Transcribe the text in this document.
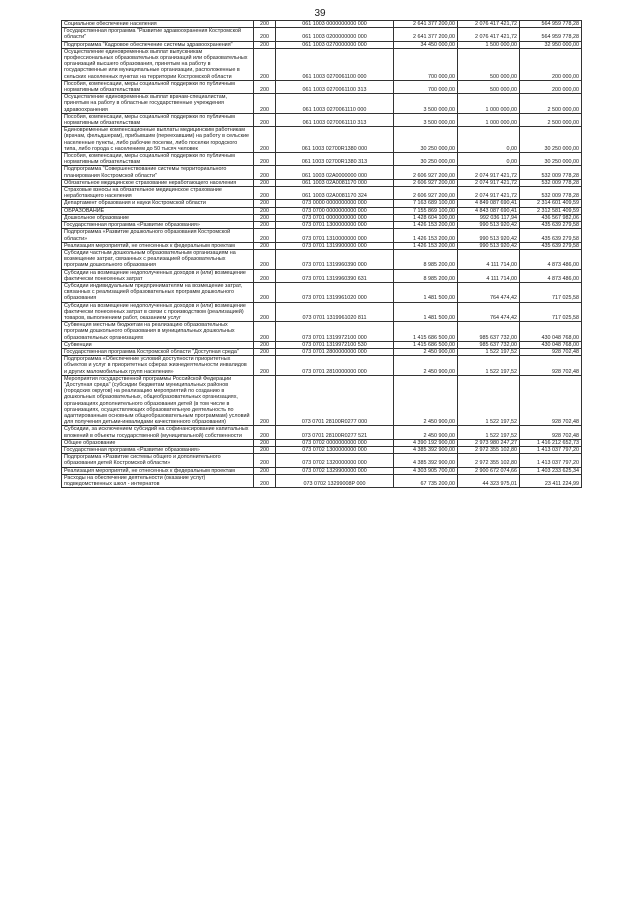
39
Социальное обеспечение населения	200	061 1003 0000000000 000	2 641 377 200,00	2 076 417 421,72	564 959 778,28
Государственная программа "Развитие здравоохранения Костромской области"	200	061 1003 0200000000 000	2 641 377 200,00	2 076 417 421,72	564 959 778,28
Подпрограмма "Кадровое обеспечение системы здравоохранения"	200	061 1003 0270000000 000	34 450 000,00	1 500 000,00	32 950 000,00
Осуществление единовременных выплат выпускникам профессиональных образовательных организаций или образовательных организаций высшего образования, принятым на работу в государственные или муниципальные организации, расположенные в сельских населенных пунктах на территории Костромской области	200	061 1003 0270061100 000	700 000,00	500 000,00	200 000,00
Пособия, компенсации, меры социальной поддержки по публичным нормативным обязательствам	200	061 1003 0270061100 313	700 000,00	500 000,00	200 000,00
Осуществление единовременных выплат врачам-специалистам, принятым на работу в областные государственные учреждения здравоохранения	200	061 1003 0270061110 000	3 500 000,00	1 000 000,00	2 500 000,00
Пособия, компенсации, меры социальной поддержки по публичным нормативным обязательствам	200	061 1003 0270061110 313	3 500 000,00	1 000 000,00	2 500 000,00
Единовременные компенсационные выплаты медицинским работникам (врачам, фельдшерам), прибывшим (переехавшим) на работу в сельские населенные пункты, либо рабочие поселки, либо поселки городского типа, либо города с населением до 50 тысяч человек	200	061 1003 02700R1380 000	30 250 000,00	0,00	30 250 000,00
Пособия, компенсации, меры социальной поддержки по публичным нормативным обязательствам	200	061 1003 02700R1380 313	30 250 000,00	0,00	30 250 000,00
Подпрограмма "Совершенствование системы территориального планирования Костромской области"	200	061 1003 02А0000000 000	2 606 927 200,00	2 074 917 421,72	532 009 778,28
Обязательное медицинское страхование неработающего населения	200	061 1003 02А0081170 000	2 606 927 200,00	2 074 917 421,72	532 009 778,28
Страховые взносы на обязательное медицинское страхование неработающего населения	200	061 1003 02А0081170 324	2 606 927 200,00	2 074 917 421,72	532 009 778,28
Департамент образования и науки Костромской области	200	073 0000 0000000000 000	7 163 689 100,00	4 849 087 690,41	2 314 601 409,59
ОБРАЗОВАНИЕ	200	073 0700 0000000000 000	7 155 869 100,00	4 843 087 690,41	2 312 581 409,59
Дошкольное образование	200	073 0701 0000000000 000	1 428 604 100,00	992 036 117,94	436 567 982,06
Государственная программа «Развитие образования»	200	073 0701 1300000000 000	1 426 153 200,00	990 513 920,42	435 639 279,58
Подпрограмма «Развитие дошкольного образования Костромской области»	200	073 0701 1310000000 000	1 426 153 200,00	990 513 920,42	435 639 279,58
Реализация мероприятий, не отнесенных к федеральным проектам	200	073 0701 1319900000 000	1 426 153 200,00	990 513 920,42	435 639 279,58
Субсидии частным дошкольным образовательным организациям на возмещение затрат, связанных с реализацией образовательных программ дошкольного образования	200	073 0701 1319960390 000	8 985 200,00	4 111 714,00	4 873 486,00
Субсидии на возмещение недополученных доходов и (или) возмещение фактически понесенных затрат	200	073 0701 1319960390 631	8 985 200,00	4 111 714,00	4 873 486,00
Субсидии индивидуальным предпринимателям на возмещение затрат, связанных с реализацией образовательных программ дошкольного образования	200	073 0701 1319961020 000	1 481 500,00	764 474,42	717 025,58
Субсидии на возмещение недополученных доходов и (или) возмещение фактически понесенных затрат в связи с производством (реализацией) товаров, выполнением работ, оказанием услуг	200	073 0701 1319961020 811	1 481 500,00	764 474,42	717 025,58
Субвенция местным бюджетам на реализацию образовательных программ дошкольного образования в муниципальных дошкольных образовательных организациях	200	073 0701 1319972100 000	1 415 686 500,00	985 637 732,00	430 048 768,00
Субвенции	200	073 0701 1319972100 530	1 415 686 500,00	985 637 732,00	430 048 768,00
Государственная программа Костромской области "Доступная среда"	200	073 0701 2800000000 000	2 450 900,00	1 522 197,52	928 702,48
Подпрограмма «Обеспечение условий доступности приоритетных объектов и услуг в приоритетных сферах жизнедеятельности инвалидов и других маломобильных групп населения»	200	073 0701 2810000000 000	2 450 900,00	1 522 197,52	928 702,48
Мероприятия государственной программы Российской Федерации "Доступная среда" (субсидии бюджетам муниципальных районов (городских округов) на реализацию мероприятий по созданию в дошкольных образовательных, общеобразовательных организациях, организациях дополнительного образования детей (в том числе в организациях, осуществляющих образовательную деятельность по адаптированным основным общеобразовательным программам) условий для получения детьми-инвалидами качественного образования)	200	073 0701 28100R0277 000	2 450 900,00	1 522 197,52	928 702,48
Субсидии, за исключением субсидий на софинансирование капитальных вложений в объекты государственной (муниципальной) собственности	200	073 0701 28100R0277 521	2 450 900,00	1 522 197,52	928 702,48
Общее образование	200	073 0702 0000000000 000	4 390 192 900,00	2 973 980 247,27	1 416 212 652,73
Государственная программа «Развитие образования»	200	073 0702 1300000000 000	4 385 392 900,00	2 972 355 102,80	1 413 037 797,20
Подпрограмма «Развитие системы общего и дополнительного образования детей Костромской области»	200	073 0702 1320000000 000	4 385 392 900,00	2 972 355 102,80	1 413 037 797,20
Реализация мероприятий, не отнесенных к федеральным проектам	200	073 0702 1329900000 000	4 303 905 700,00	2 900 672 074,66	1 403 233 625,34
Расходы на обеспечение деятельности (оказание услуг) подведомственных школ - интернатов	200	073 0702 13299008P 000	67 735 200,00	44 323 975,01	23 411 224,99
